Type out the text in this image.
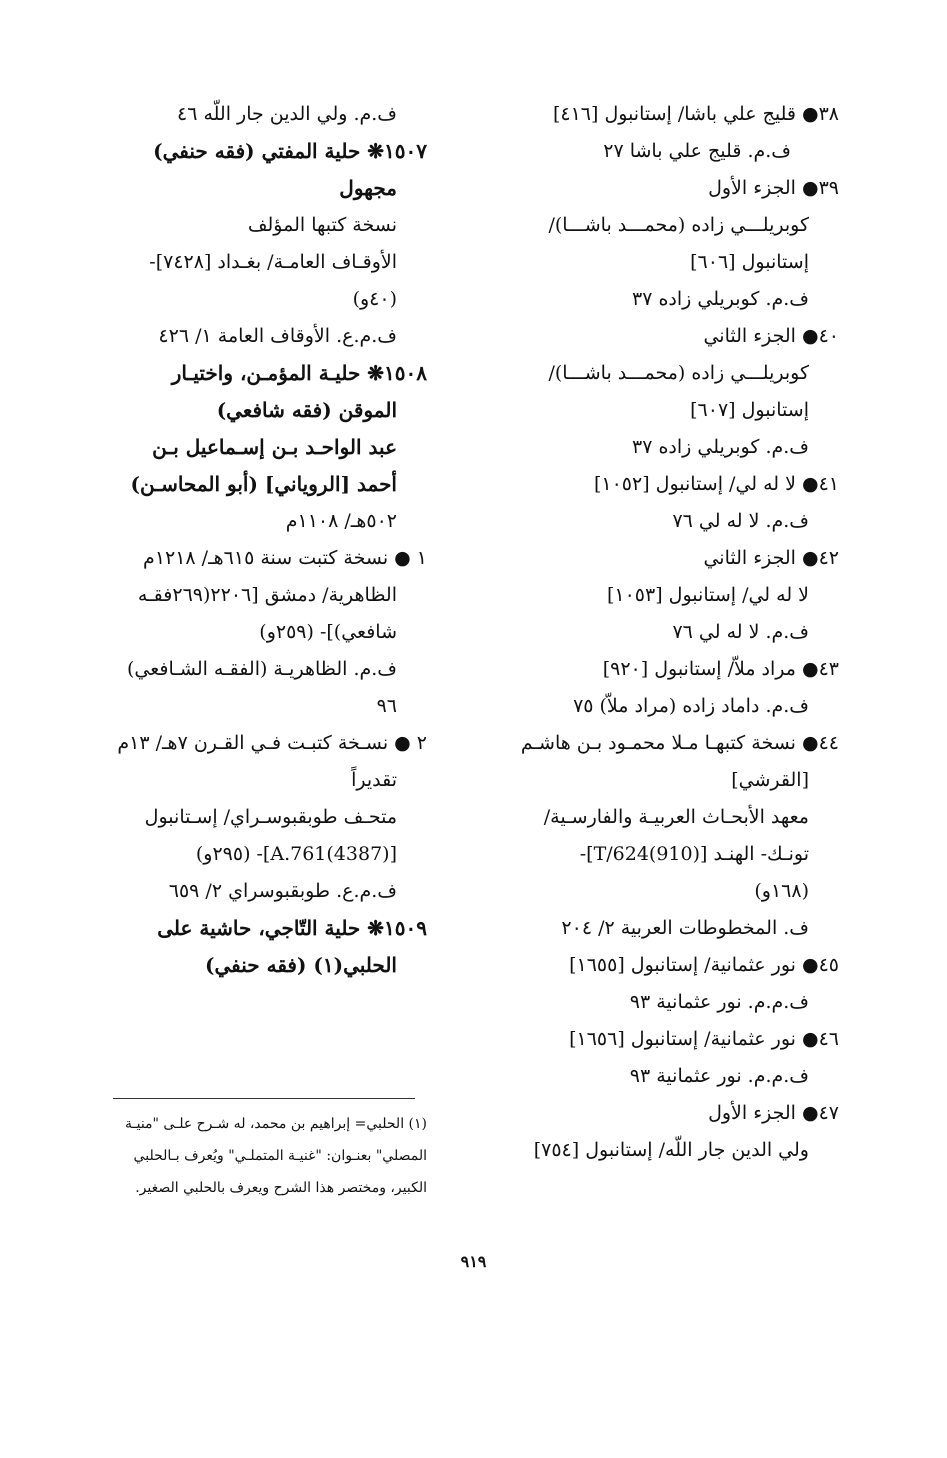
٣٨● قليج علي باشا/ إستانبول [٤١٦]
ف.م. قليج علي باشا ٢٧
٣٩● الجزء الأول
كوبريلـــي زاده (محمـــد باشـــا)/
إستانبول [٦٠٦]
ف.م. كوبريلي زاده ٣٧
٤٠● الجزء الثاني
كوبريلـــي زاده (محمـــد باشـــا)/
إستانبول [٦٠٧]
ف.م. كوبريلي زاده ٣٧
٤١● لا له لي/ إستانبول [١٠٥٢]
ف.م. لا له لي ٧٦
٤٢● الجزء الثاني
لا له لي/ إستانبول [١٠٥٣]
ف.م. لا له لي ٧٦
٤٣● مراد ملاّ/ إستانبول [٩٢٠]
ف.م. داماد زاده (مراد ملاّ) ٧٥
٤٤● نسخة كتبهـا مـلا محمـود بـن هاشـم
[القرشي]
معهد الأبحـاث العربيـة والفارسـية/
تونـك- الهنـد [T/624(910)]-
(١٦٨و)
ف. المخطوطات العربية ٢/ ٢٠٤
٤٥● نور عثمانية/ إستانبول [١٦٥٥]
ف.م.م. نور عثمانية ٩٣
٤٦● نور عثمانية/ إستانبول [١٦٥٦]
ف.م.م. نور عثمانية ٩٣
٤٧● الجزء الأول
ولي الدين جار اللّه/ إستانبول [٧٥٤]
ف.م. ولي الدين جار اللّه ٤٦
١٥٠٧❋ حلية المفتي (فقه حنفي)
مجهول
نسخة كتبها المؤلف
الأوقـاف العامـة/ بغـداد [٧٤٢٨]-
(٤٠و)
ف.م.ع. الأوقاف العامة ١/ ٤٢٦
١٥٠٨❋ حليـة المؤمـن، واختيـار
الموقن (فقه شافعي)
عبد الواحـد بـن إسـماعيل بـن
أحمد [الروياني] (أبو المحاسـن)
٥٠٢هـ/ ١١٠٨م
١ ● نسخة كتبت سنة ٦١٥هـ/ ١٢١٨م
الظاهرية/ دمشق [٢٢٠٦(٢٦٩فقـه
شافعي)]- (٢٥٩و)
ف.م. الظاهريـة (الفقـه الشـافعي)
٩٦
٢ ● نسـخة كتبـت فـي القـرن ٧هـ/ ١٣م
تقديراً
متحـف طوبقبوسـراي/ إسـتانبول
[A.761(4387)]- (٢٩٥و)
ف.م.ع. طوبقبوسراي ٢/ ٦٥٩
١٥٠٩❋ حلية التّاجي، حاشية على
الحلبي(١) (فقه حنفي)
(١) الحلبي= إبراهيم بن محمد، له شـرح علـى "منيـة
المصلي" بعنـوان: "غنيـة المتملـي" ويُعرف بـالحلبي
الكبير، ومختصر هذا الشرح ويعرف بالحلبي الصغير.
٩١٩
